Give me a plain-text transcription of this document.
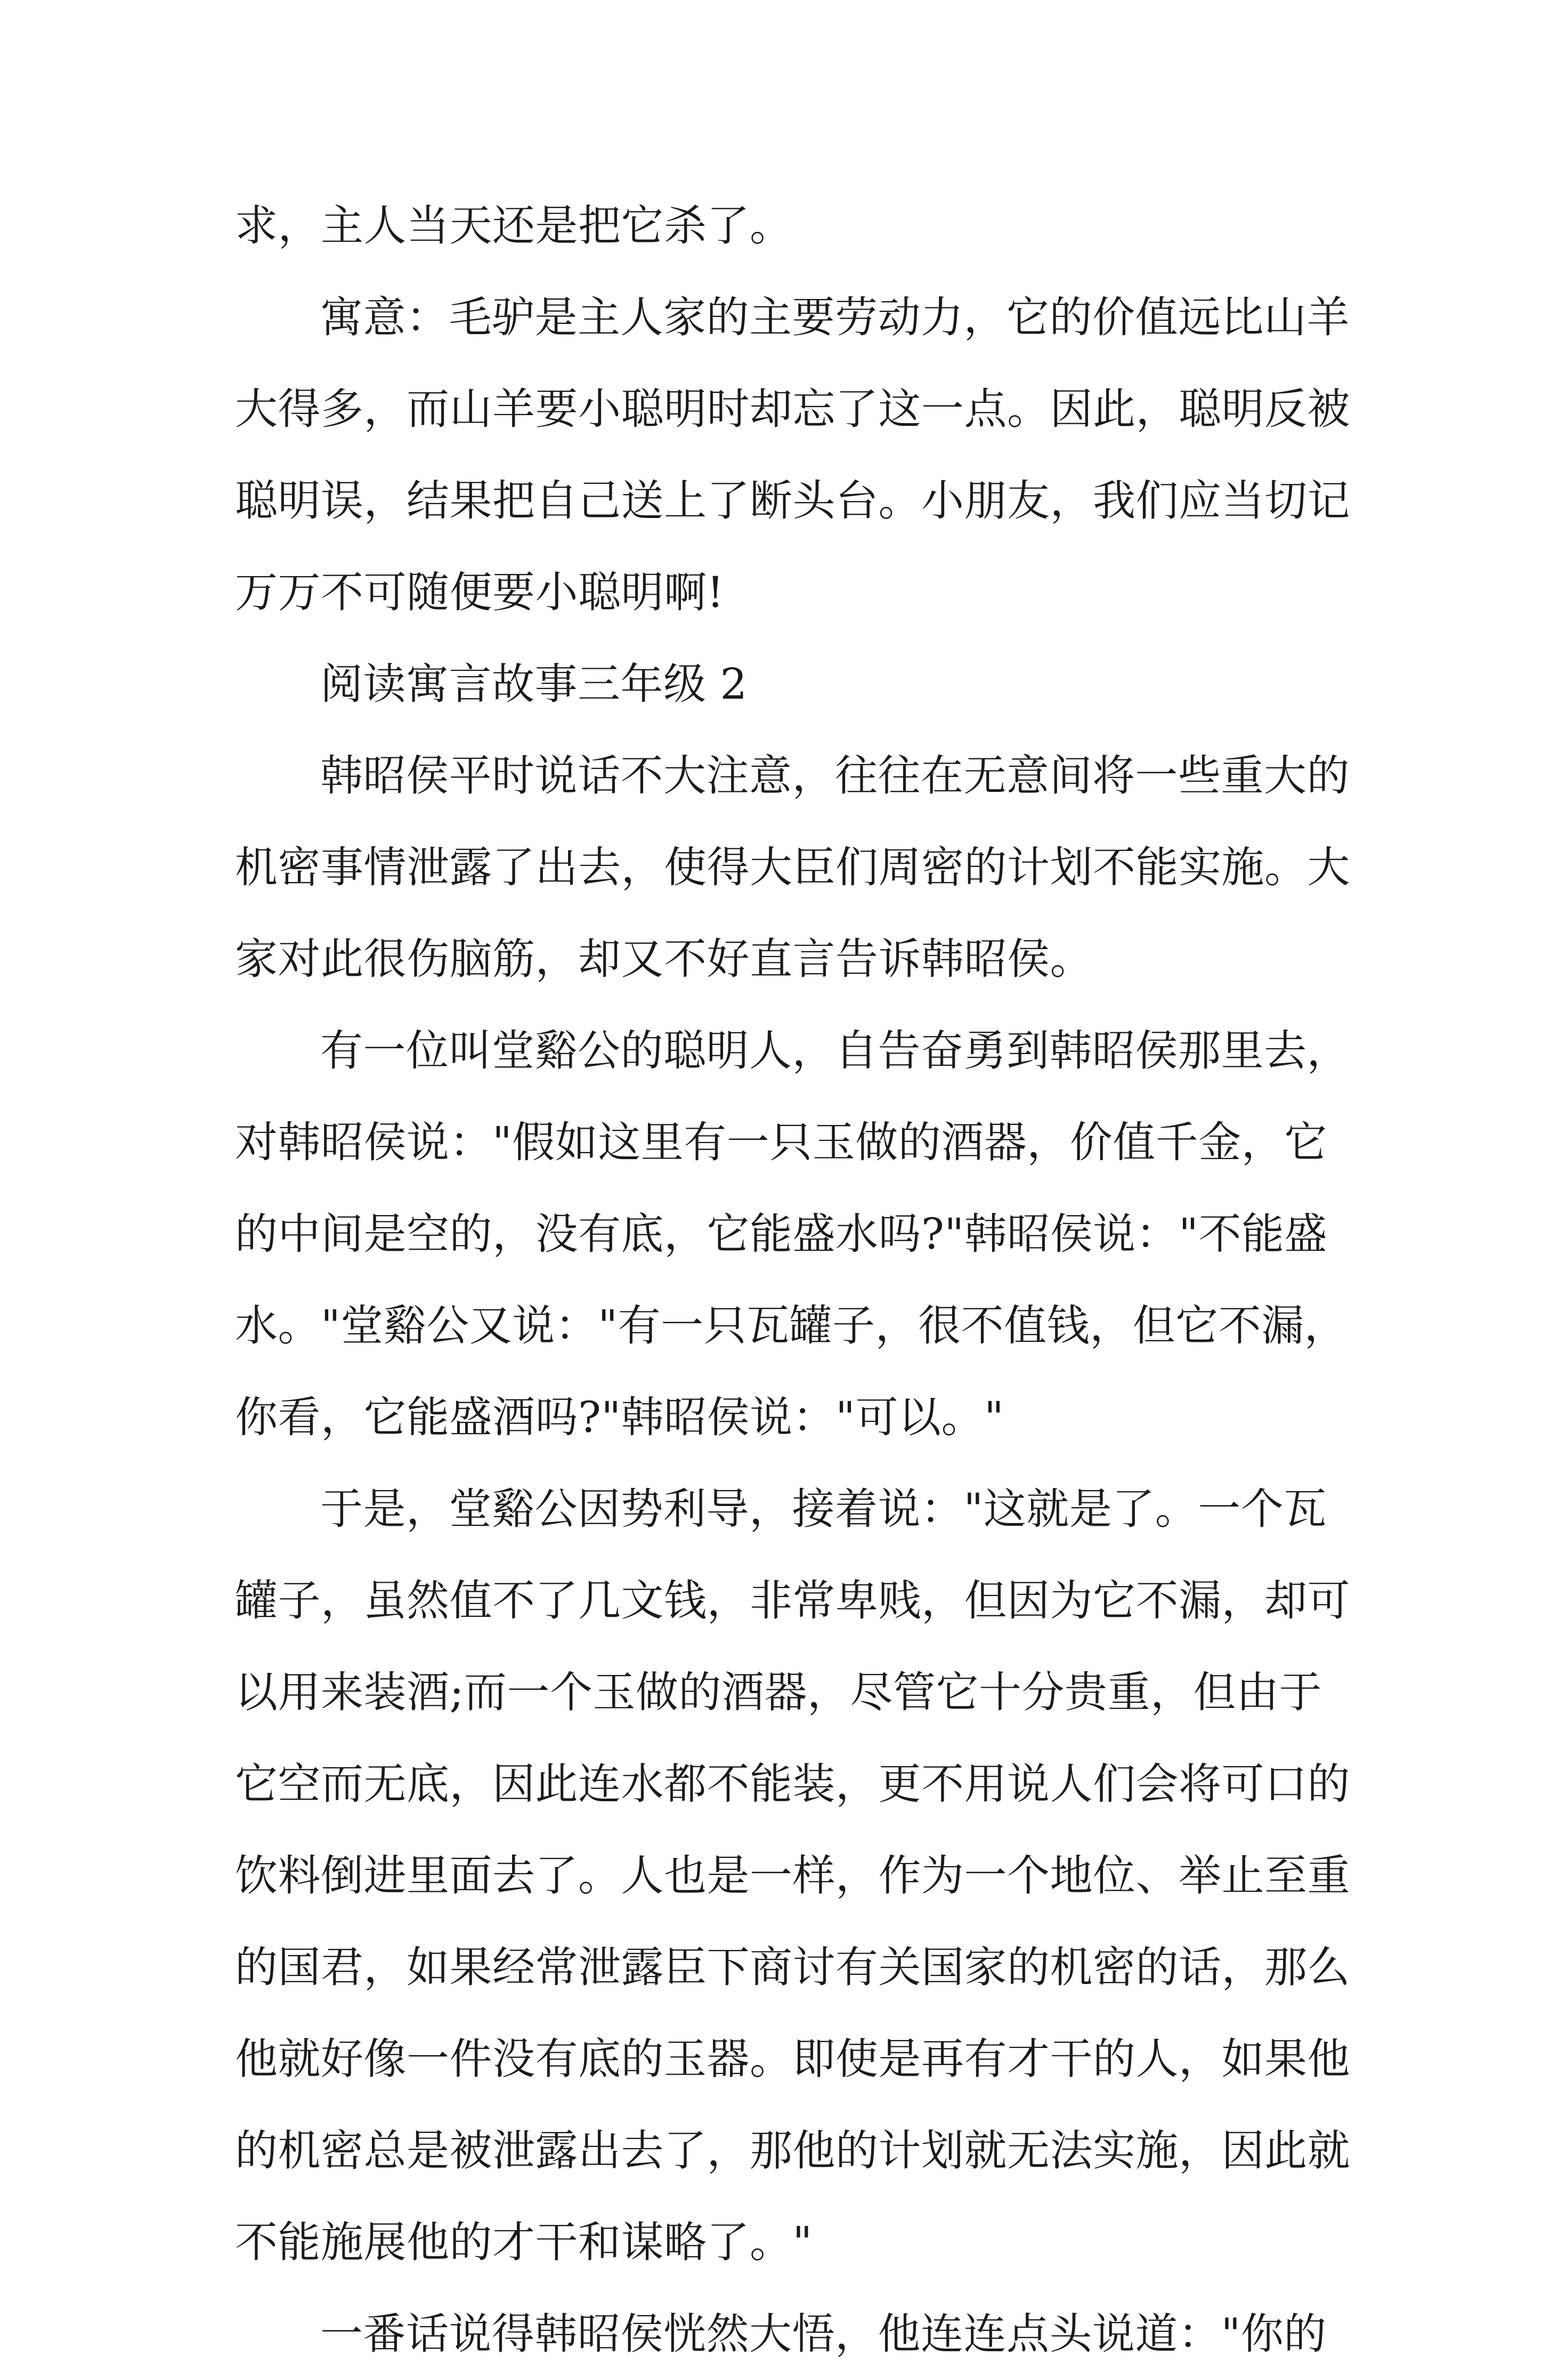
求，主人当天还是把它杀了。
寓意：毛驴是主人家的主要劳动力，它的价值远比山羊
大得多，而山羊要小聪明时却忘了这一点。因此，聪明反被
聪明误，结果把自己送上了断头台。小朋友，我们应当切记
万万不可随便要小聪明啊!
阅读寓言故事三年级 2
韩昭侯平时说话不大注意，往往在无意间将一些重大的
机密事情泄露了出去，使得大臣们周密的计划不能实施。大
家对此很伤脑筋，却又不好直言告诉韩昭侯。
有一位叫堂谿公的聪明人，自告奋勇到韩昭侯那里去，
对韩昭侯说："假如这里有一只玉做的酒器，价值千金，它
的中间是空的，没有底，它能盛水吗?"韩昭侯说："不能盛
水。"堂谿公又说："有一只瓦罐子，很不值钱，但它不漏，
你看，它能盛酒吗?"韩昭侯说："可以。"
于是，堂谿公因势利导，接着说："这就是了。一个瓦
罐子，虽然值不了几文钱，非常卑贱，但因为它不漏，却可
以用来装酒;而一个玉做的酒器，尽管它十分贵重，但由于
它空而无底，因此连水都不能装，更不用说人们会将可口的
饮料倒进里面去了。人也是一样，作为一个地位、举止至重
的国君，如果经常泄露臣下商讨有关国家的机密的话，那么
他就好像一件没有底的玉器。即使是再有才干的人，如果他
的机密总是被泄露出去了，那他的计划就无法实施，因此就
不能施展他的才干和谋略了。"
一番话说得韩昭侯恍然大悟，他连连点头说道："你的
